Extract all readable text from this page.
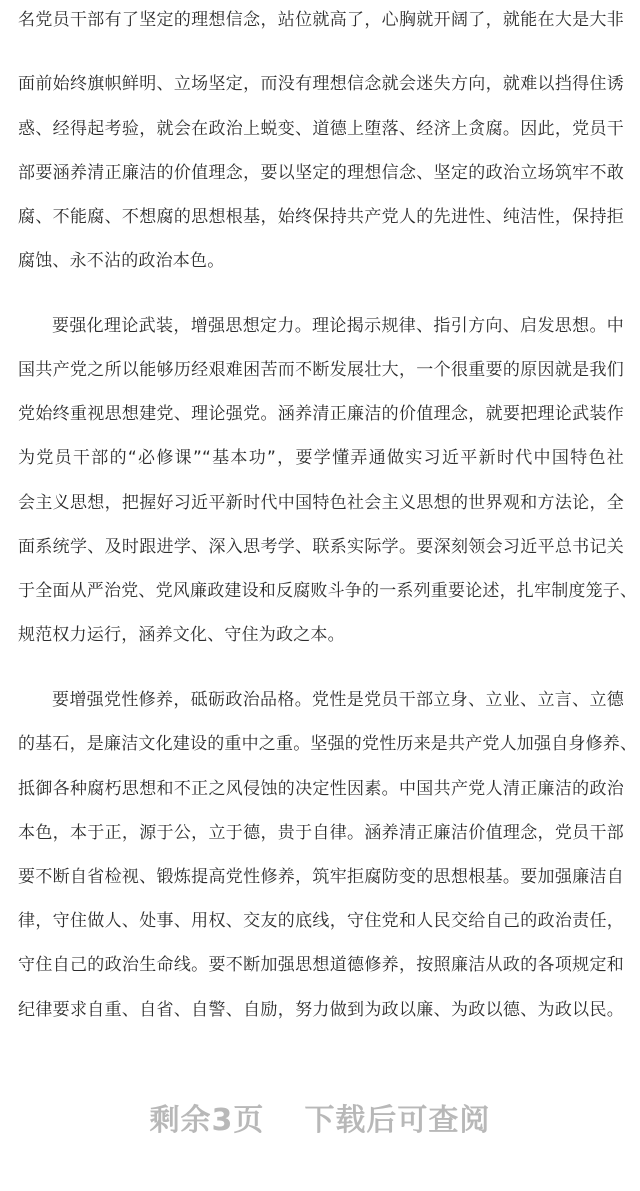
名党员干部有了坚定的理想信念，站位就高了，心胸就开阔了，就能在大是大非
面前始终旗帜鲜明、立场坚定，而没有理想信念就会迷失方向，就难以挡得住诱
惑、经得起考验，就会在政治上蜕变、道德上堕落、经济上贪腐。因此，党员干
部要涵养清正廉洁的价值理念，要以坚定的理想信念、坚定的政治立场筑牢不敢
腐、不能腐、不想腐的思想根基，始终保持共产党人的先进性、纯洁性，保持拒
腐蚀、永不沾的政治本色。
要强化理论武装，增强思想定力。理论揭示规律、指引方向、启发思想。中
国共产党之所以能够历经艰难困苦而不断发展壮大，一个很重要的原因就是我们
党始终重视思想建党、理论强党。涵养清正廉洁的价值理念，就要把理论武装作
为党员干部的“必修课”“基本功”，要学懂弄通做实习近平新时代中国特色社
会主义思想，把握好习近平新时代中国特色社会主义思想的世界观和方法论，全
面系统学、及时跟进学、深入思考学、联系实际学。要深刻领会习近平总书记关
于全面从严治党、党风廉政建设和反腐败斗争的一系列重要论述，扎牢制度笼子、
规范权力运行，涵养文化、守住为政之本。
要增强党性修养，砥砺政治品格。党性是党员干部立身、立业、立言、立德
的基石，是廉洁文化建设的重中之重。坚强的党性历来是共产党人加强自身修养、
抵御各种腐朽思想和不正之风侵蚀的决定性因素。中国共产党人清正廉洁的政治
本色，本于正，源于公，立于德，贵于自律。涵养清正廉洁价值理念，党员干部
要不断自省检视、锻炼提高党性修养，筑牢拒腐防变的思想根基。要加强廉洁自
律，守住做人、处事、用权、交友的底线，守住党和人民交给自己的政治责任，
守住自己的政治生命线。要不断加强思想道德修养，按照廉洁从政的各项规定和
纪律要求自重、自省、自警、自励，努力做到为政以廉、为政以德、为政以民。
剩余3页 下载后可查阅
